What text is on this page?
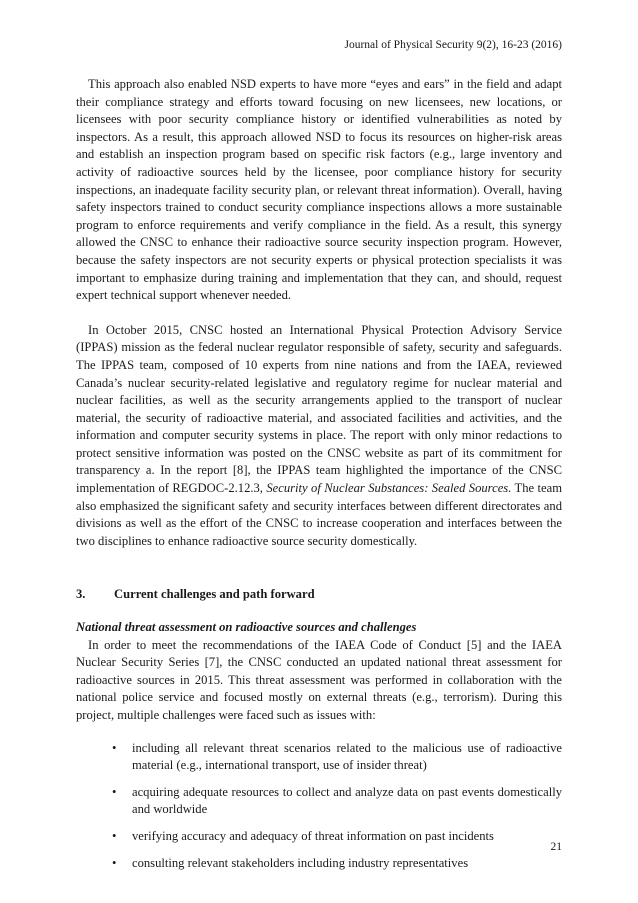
Journal of Physical Security 9(2), 16-23 (2016)

This approach also enabled NSD experts to have more “eyes and ears” in the field and adapt their compliance strategy and efforts toward focusing on new licensees, new locations, or licensees with poor security compliance history or identified vulnerabilities as noted by inspectors. As a result, this approach allowed NSD to focus its resources on higher-risk areas and establish an inspection program based on specific risk factors (e.g., large inventory and activity of radioactive sources held by the licensee, poor compliance history for security inspections, an inadequate facility security plan, or relevant threat information). Overall, having safety inspectors trained to conduct security compliance inspections allows a more sustainable program to enforce requirements and verify compliance in the field. As a result, this synergy allowed the CNSC to enhance their radioactive source security inspection program. However, because the safety inspectors are not security experts or physical protection specialists it was important to emphasize during training and implementation that they can, and should, request expert technical support whenever needed.

In October 2015, CNSC hosted an International Physical Protection Advisory Service (IPPAS) mission as the federal nuclear regulator responsible of safety, security and safeguards. The IPPAS team, composed of 10 experts from nine nations and from the IAEA, reviewed Canada’s nuclear security-related legislative and regulatory regime for nuclear material and nuclear facilities, as well as the security arrangements applied to the transport of nuclear material, the security of radioactive material, and associated facilities and activities, and the information and computer security systems in place. The report with only minor redactions to protect sensitive information was posted on the CNSC website as part of its commitment for transparency a. In the report [8], the IPPAS team highlighted the importance of the CNSC implementation of REGDOC-2.12.3, Security of Nuclear Substances: Sealed Sources. The team also emphasized the significant safety and security interfaces between different directorates and divisions as well as the effort of the CNSC to increase cooperation and interfaces between the two disciplines to enhance radioactive source security domestically.

3.	Current challenges and path forward
National threat assessment on radioactive sources and challenges

In order to meet the recommendations of the IAEA Code of Conduct [5] and the IAEA Nuclear Security Series [7], the CNSC conducted an updated national threat assessment for radioactive sources in 2015. This threat assessment was performed in collaboration with the national police service and focused mostly on external threats (e.g., terrorism). During this project, multiple challenges were faced such as issues with:

•	including all relevant threat scenarios related to the malicious use of radioactive material (e.g., international transport, use of insider threat)
•	acquiring adequate resources to collect and analyze data on past events domestically and worldwide
•	verifying accuracy and adequacy of threat information on past incidents
•	consulting relevant stakeholders including industry representatives
21
